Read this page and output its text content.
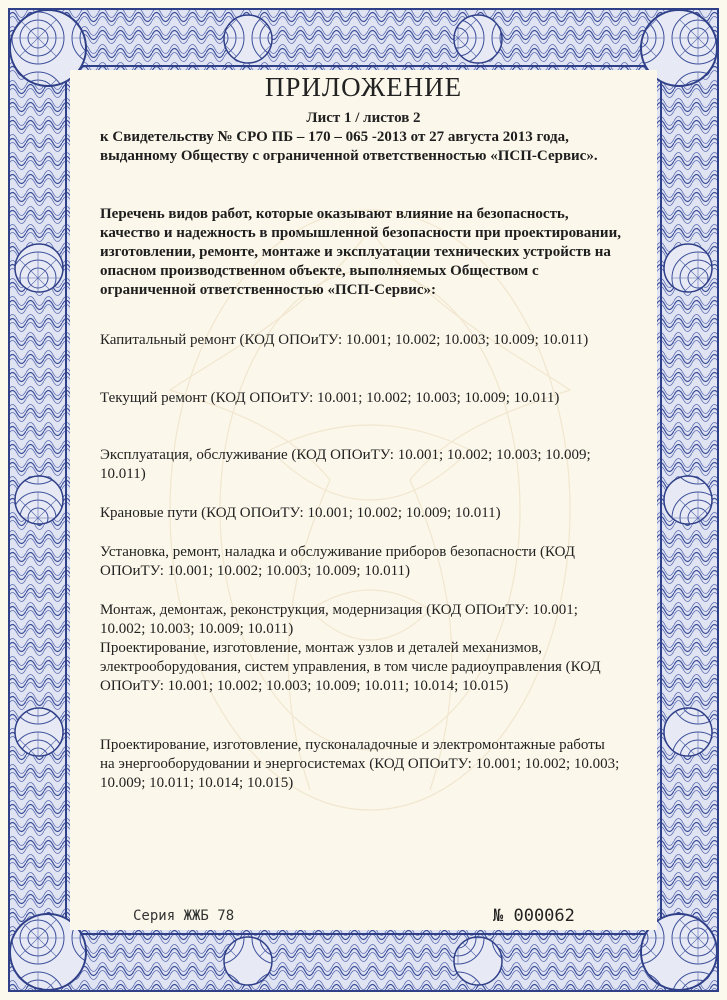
ПРИЛОЖЕНИЕ
Лист 1 / листов 2
к Свидетельству № СРО ПБ – 170 – 065 -2013 от 27 августа 2013 года, выданному Обществу с ограниченной ответственностью «ПСП-Сервис».
Перечень видов работ, которые оказывают влияние на безопасность, качество и надежность в промышленной безопасности при проектировании, изготовлении, ремонте, монтаже и эксплуатации технических устройств на опасном производственном объекте, выполняемых Обществом с ограниченной ответственностью «ПСП-Сервис»:
Капитальный ремонт (КОД ОПОиТУ: 10.001; 10.002; 10.003; 10.009; 10.011)
Текущий ремонт (КОД ОПОиТУ: 10.001; 10.002; 10.003; 10.009; 10.011)
Эксплуатация, обслуживание (КОД ОПОиТУ: 10.001; 10.002; 10.003; 10.009; 10.011)
Крановые пути (КОД ОПОиТУ: 10.001; 10.002; 10.009; 10.011)
Установка, ремонт, наладка и обслуживание приборов безопасности (КОД ОПОиТУ: 10.001; 10.002; 10.003; 10.009; 10.011)
Монтаж, демонтаж, реконструкция, модернизация (КОД ОПОиТУ: 10.001; 10.002; 10.003; 10.009; 10.011)
Проектирование, изготовление, монтаж узлов и деталей механизмов, электрооборудования, систем управления, в том числе радиоуправления (КОД ОПОиТУ: 10.001; 10.002; 10.003; 10.009; 10.011; 10.014; 10.015)
Проектирование, изготовление, пусконаладочные и электромонтажные работы на энергооборудовании и энергосистемах (КОД ОПОиТУ: 10.001; 10.002; 10.003; 10.009; 10.011; 10.014; 10.015)
Серия ЖЖБ 78	№ 000062
